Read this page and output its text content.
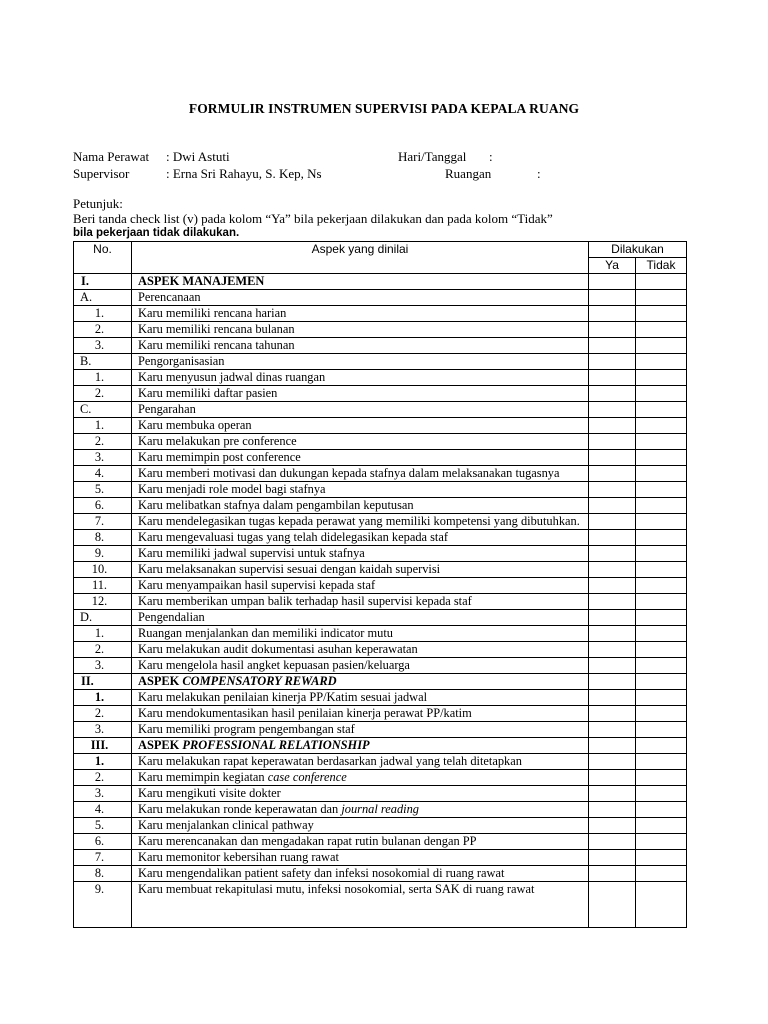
FORMULIR INSTRUMEN SUPERVISI PADA KEPALA RUANG
Nama Perawat : Dwi Astuti	Hari/Tanggal :
Supervisor	: Erna Sri Rahayu, S. Kep, Ns	Ruangan	:
Petunjuk:
Beri tanda check list (v) pada kolom “Ya” bila pekerjaan dilakukan dan pada kolom “Tidak”
bila pekerjaan tidak dilakukan.
No.	Aspek yang dinilai	Dilakukan	
		Ya	Tidak
I.	ASPEK MANAJEMEN		
A.	Perencanaan		
1.	Karu memiliki rencana harian		
2.	Karu memiliki rencana bulanan		
3.	Karu memiliki rencana tahunan		
B.	Pengorganisasian		
1.	Karu menyusun jadwal dinas ruangan		
2.	Karu memiliki daftar pasien		
C.	Pengarahan		
1.	Karu membuka operan		
2.	Karu melakukan pre conference		
3.	Karu memimpin post conference		
4.	Karu memberi motivasi dan dukungan kepada stafnya dalam melaksanakan tugasnya		
5.	Karu menjadi role model bagi stafnya		
6.	Karu melibatkan stafnya dalam pengambilan keputusan		
7.	Karu mendelegasikan tugas kepada perawat yang memiliki kompetensi yang dibutuhkan.		
8.	Karu mengevaluasi tugas yang telah didelegasikan kepada staf		
9.	Karu memiliki jadwal supervisi untuk stafnya		
10.	Karu melaksanakan supervisi sesuai dengan kaidah supervisi		
11.	Karu menyampaikan hasil supervisi kepada staf		
12.	Karu memberikan umpan balik terhadap hasil supervisi kepada staf		
D.	Pengendalian		
1.	Ruangan menjalankan dan memiliki indicator mutu		
2.	Karu melakukan audit dokumentasi asuhan keperawatan		
3.	Karu mengelola hasil angket kepuasan pasien/keluarga		
II.	ASPEK COMPENSATORY REWARD		
1.	Karu melakukan penilaian kinerja PP/Katim sesuai jadwal		
2.	Karu mendokumentasikan hasil penilaian kinerja perawat PP/katim		
3.	Karu memiliki program pengembangan staf		
III.	ASPEK PROFESSIONAL RELATIONSHIP		
1.	Karu melakukan rapat keperawatan berdasarkan jadwal yang telah ditetapkan		
2.	Karu memimpin kegiatan case conference		
3.	Karu mengikuti visite dokter		
4.	Karu melakukan ronde keperawatan dan journal reading		
5.	Karu menjalankan clinical pathway		
6.	Karu merencanakan dan mengadakan rapat rutin bulanan dengan PP		
7.	Karu memonitor kebersihan ruang rawat		
8.	Karu mengendalikan patient safety dan infeksi nosokomial di ruang rawat		
9.	Karu membuat rekapitulasi mutu, infeksi nosokomial, serta SAK di ruang rawat		
